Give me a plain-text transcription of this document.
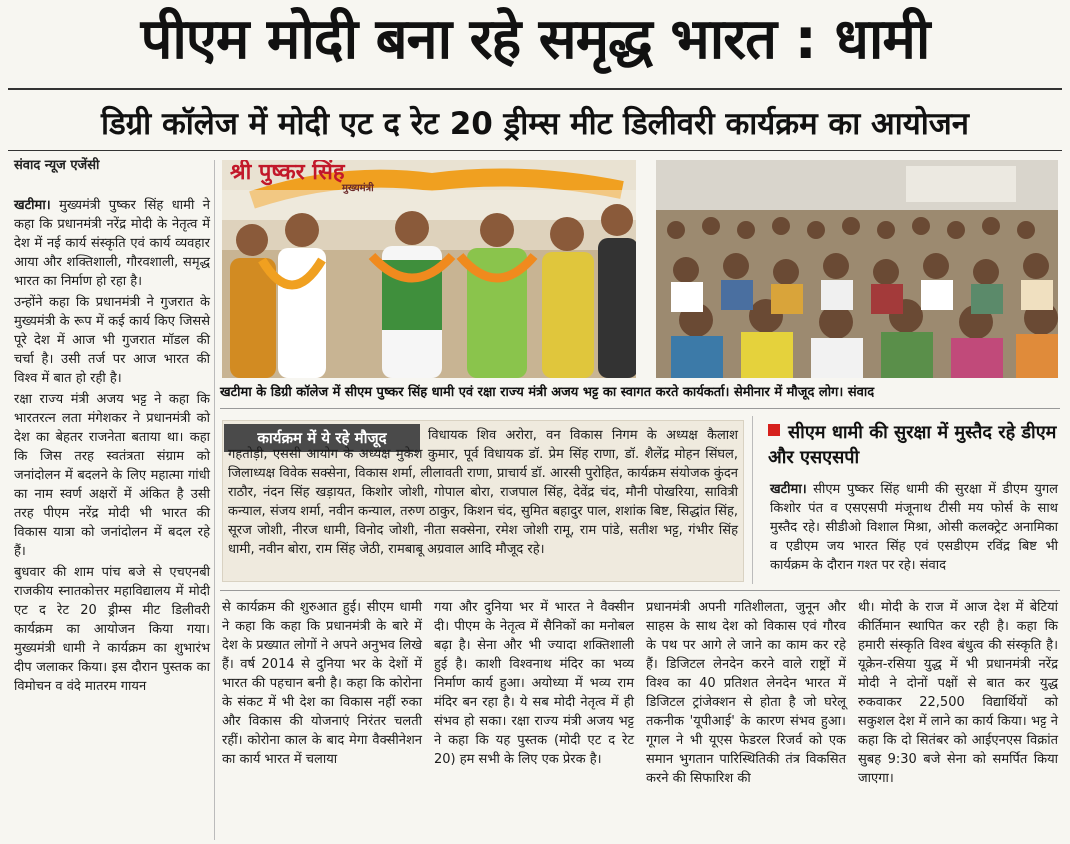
पीएम मोदी बना रहे समृद्ध भारत : धामी
डिग्री कॉलेज में मोदी एट द रेट 20 ड्रीम्स मीट डिलीवरी कार्यक्रम का आयोजन
संवाद न्यूज एजेंसी

खटीमा। मुख्यमंत्री पुष्कर सिंह धामी ने कहा कि प्रधानमंत्री नरेंद्र मोदी के नेतृत्व में देश में नई कार्य संस्कृति एवं कार्य व्यवहार आया और शक्तिशाली, गौरवशाली, समृद्ध भारत का निर्माण हो रहा है।

उन्होंने कहा कि प्रधानमंत्री ने गुजरात के मुख्यमंत्री के रूप में कई कार्य किए जिससे पूरे देश में आज भी गुजरात मॉडल की चर्चा है। उसी तर्ज पर आज भारत की विश्व में बात हो रही है।

रक्षा राज्य मंत्री अजय भट्ट ने कहा कि भारतरत्न लता मंगेशकर ने प्रधानमंत्री को देश का बेहतर राजनेता बताया था। कहा कि जिस तरह स्वतंत्रता संग्राम को जनांदोलन में बदलने के लिए महात्मा गांधी का नाम स्वर्ण अक्षरों में अंकित है उसी तरह पीएम नरेंद्र मोदी भी भारत की विकास यात्रा को जनांदोलन में बदल रहे हैं।

बुधवार की शाम पांच बजे से एचएनबी राजकीय स्नातकोत्तर महाविद्यालय में मोदी एट द रेट 20 ड्रीम्स मीट डिलीवरी कार्यक्रम का आयोजन किया गया। मुख्यमंत्री धामी ने कार्यक्रम का शुभारंभ दीप जलाकर किया। इस दौरान पुस्तक का विमोचन व वंदे मातरम गायन

श्री पुष्कर सिंह
मुख्यमंत्री
खटीमा के डिग्री कॉलेज में सीएम पुष्कर सिंह धामी एवं रक्षा राज्य मंत्री अजय भट्ट का स्वागत करते कार्यकर्ता। सेमीनार में मौजूद लोग। संवाद
कार्यक्रम में ये रहे मौजूद	विधायक शिव अरोरा, वन विकास निगम के अध्यक्ष कैलाश गहतोड़ी, एससी आयोग के अध्यक्ष मुकेश कुमार, पूर्व विधायक डॉ. प्रेम सिंह राणा, डॉ. शैलेंद्र मोहन सिंघल, जिलाध्यक्ष विवेक सक्सेना, विकास शर्मा, लीलावती राणा, प्राचार्य डॉ. आरसी पुरोहित, कार्यक्रम संयोजक कुंदन राठौर, नंदन सिंह खड़ायत, किशोर जोशी, गोपाल बोरा, राजपाल सिंह, देवेंद्र चंद, मौनी पोखरिया, सावित्री कन्याल, संजय शर्मा, नवीन कन्याल, तरुण ठाकुर, किशन चंद, सुमित बहादुर पाल, शशांक बिष्ट, सिद्धांत सिंह, सूरज जोशी, नीरज धामी, विनोद जोशी, नीता सक्सेना, रमेश जोशी रामू, राम पांडे, सतीश भट्ट, गंभीर सिंह धामी, नवीन बोरा, राम सिंह जेठी, रामबाबू अग्रवाल आदि मौजूद रहे।
सीएम धामी की सुरक्षा में मुस्तैद रहे डीएम और एसएसपी
खटीमा। सीएम पुष्कर सिंह धामी की सुरक्षा में डीएम युगल किशोर पंत व एसएसपी मंजूनाथ टीसी मय फोर्स के साथ मुस्तैद रहे। सीडीओ विशाल मिश्रा, ओसी कलक्ट्रेट अनामिका व एडीएम जय भारत सिंह एवं एसडीएम रविंद्र बिष्ट भी कार्यक्रम के दौरान गश्त पर रहे। संवाद
से कार्यक्रम की शुरुआत हुई। सीएम धामी ने कहा कि कहा कि प्रधानमंत्री के बारे में देश के प्रख्यात लोगों ने अपने अनुभव लिखे हैं। वर्ष 2014 से दुनिया भर के देशों में भारत की पहचान बनी है। कहा कि कोरोना के संकट में भी देश का विकास नहीं रुका और विकास की योजनाएं निरंतर चलती रहीं। कोरोना काल के बाद मेगा वैक्सीनेशन का कार्य भारत में चलाया
गया और दुनिया भर में भारत ने वैक्सीन दी। पीएम के नेतृत्व में सैनिकों का मनोबल बढ़ा है। सेना और भी ज्यादा शक्तिशाली हुई है। काशी विश्वनाथ मंदिर का भव्य निर्माण कार्य हुआ। अयोध्या में भव्य राम मंदिर बन रहा है। ये सब मोदी नेतृत्व में ही संभव हो सका। रक्षा राज्य मंत्री अजय भट्ट ने कहा कि यह पुस्तक (मोदी एट द रेट 20) हम सभी के लिए एक प्रेरक है।
प्रधानमंत्री अपनी गतिशीलता, जुनून और साहस के साथ देश को विकास एवं गौरव के पथ पर आगे ले जाने का काम कर रहे हैं। डिजिटल लेनदेन करने वाले राष्ट्रों में विश्व का 40 प्रतिशत लेनदेन भारत में डिजिटल ट्रांजेक्शन से होता है जो घरेलू तकनीक 'यूपीआई' के कारण संभव हुआ। गूगल ने भी यूएस फेडरल रिजर्व को एक समान भुगतान पारिस्थितिकी तंत्र विकसित करने की सिफारिश की
थी। मोदी के राज में आज देश में बेटियां कीर्तिमान स्थापित कर रही है। कहा कि हमारी संस्कृति विश्व बंधुत्व की संस्कृति है। यूक्रेन-रसिया युद्ध में भी प्रधानमंत्री नरेंद्र मोदी ने दोनों पक्षों से बात कर युद्ध रुकवाकर 22,500 विद्यार्थियों को सकुशल देश में लाने का कार्य किया। भट्ट ने कहा कि दो सितंबर को आईएनएस विक्रांत सुबह 9:30 बजे सेना को समर्पित किया जाएगा।
